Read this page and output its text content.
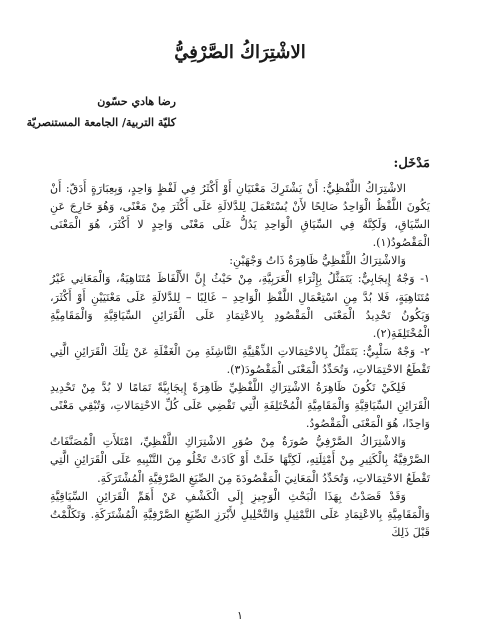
الاشْتِرَاكُ الصَّرْفِيُّ
رضا هادي حسّون
كليّة التربية/ الجامعة المستنصريّة
مَدْخَل:

الاشْتِرَاكُ اللَّفْظِيُّ: أَنْ يَشْتَرِكَ مَعْنَيَانِ أَوْ أَكْثَرُ فِي لَفْظٍ وَاحِدٍ، وَبِعِبَارَةٍ أَدَقّ: أَنْ يَكُونَ اللَّفْظُ الْوَاحِدُ صَالِحًا لأَنْ يُسْتَعْمَلَ لِلدَّلالَةِ عَلَى أَكْثَرَ مِنْ مَعْنًى، وَهُوَ خَارِجَ عَنِ السِّيَاقِ، وَلَكِنَّهُ فِي السِّيَاقِ الْوَاحِدِ يَدُلُّ عَلَى مَعْنًى وَاحِدٍ لا أَكْثَرَ، هُوَ الْمَعْنَى الْمَقْصُودُ(١).

وَالاشْتِرَاكُ اللَّفْظِيُّ ظَاهِرَةٌ ذَاتُ وَجْهَيْنِ:

١- وَجْهٌ إِيجَابِيٌّ: يَتَمَثَّلُ بِإِثْرَاءِ الْعَرَبِيَّةِ، مِنْ حَيْثُ إِنَّ الأَلْفَاظَ مُتَنَاهِيَةٌ، وَالْمَعَانِي غَيْرُ مُتَنَاهِيَةٍ، فَلا بُدَّ مِنِ اسْتِعْمَالِ اللَّفْظِ الْوَاحِدِ – غَالِبًا – لِلدَّلالَةِ عَلَى مَعْنَيَيْنِ أَوْ أَكْثَرَ، وَيَكُونُ تَحْدِيدُ الْمَعْنَى الْمَقْصُودِ بِالاعْتِمَادِ عَلَى الْقَرَائِنِ السِّيَاقِيَّةِ وَالْمَقَامِيَّةِ الْمُخْتَلِفَةِ(٢).

٢- وَجْهٌ سَلْبِيٌّ: يَتَمَثَّلُ بِالاحْتِمَالاتِ الذِّهْنِيَّةِ النَّاشِئَةِ مِنَ الْغَفْلَةِ عَنْ تِلْكَ الْقَرَائِنِ الَّتِي تَقْطَعُ الاحْتِمَالاتِ، وَتُحَدِّدُ الْمَعْنَى الْمَقْصُودَ(٣).

فَلِكَيْ تَكُونَ ظَاهِرَةُ الاشْتِرَاكِ اللَّفْظِيِّ ظَاهِرَةً إِيجَابِيَّةً تَمَامًا لا بُدَّ مِنْ تَحْدِيدِ الْقَرَائِنِ السِّيَاقِيَّةِ وَالْمَقَامِيَّةِ الْمُخْتَلِفَةِ الَّتِي تَقْضِي عَلَى كُلِّ الاحْتِمَالاتِ، وَتُبْقِي مَعْنًى وَاحِدًا، هُوَ الْمَعْنَى الْمَقْصُودُ.

وَالاشْتِرَاكُ الصَّرْفِيُّ صُورَةٌ مِنْ صُوَرِ الاشْتِرَاكِ اللَّفْظِيِّ، امْتَلأَتِ الْمُصَنَّفَاتُ الصَّرْفِيَّةُ بِالْكَثِيرِ مِنْ أَمْثِلَتِهِ، لَكِنَّهَا خَلَتْ أَوْ كَادَتْ تَخْلُو مِنَ التَّنْبِيهِ عَلَى الْقَرَائِنِ الَّتِي تَقْطَعُ الاحْتِمَالاتِ، وَتُحَدِّدُ الْمَعَانِيَ الْمَقْصُودَةَ مِنَ الصِّيَغِ الصَّرْفِيَّةِ الْمُشْتَرَكَةِ.

وَقَدْ قَصَدْتُ بِهَذَا الْبَحْثِ الْوَجِيزِ إِلَى الْكَشْفِ عَنْ أَهَمِّ الْقَرَائِنِ السِّيَاقِيَّةِ وَالْمَقَامِيَّةِ بِالاعْتِمَادِ عَلَى التَّمْثِيلِ وَالتَّحْلِيلِ لأَبْرَزِ الصِّيَغِ الصَّرْفِيَّةِ الْمُشْتَرَكَةِ. وَتَكَلَّمْتُ قَبْلَ ذَلِكَ

١
